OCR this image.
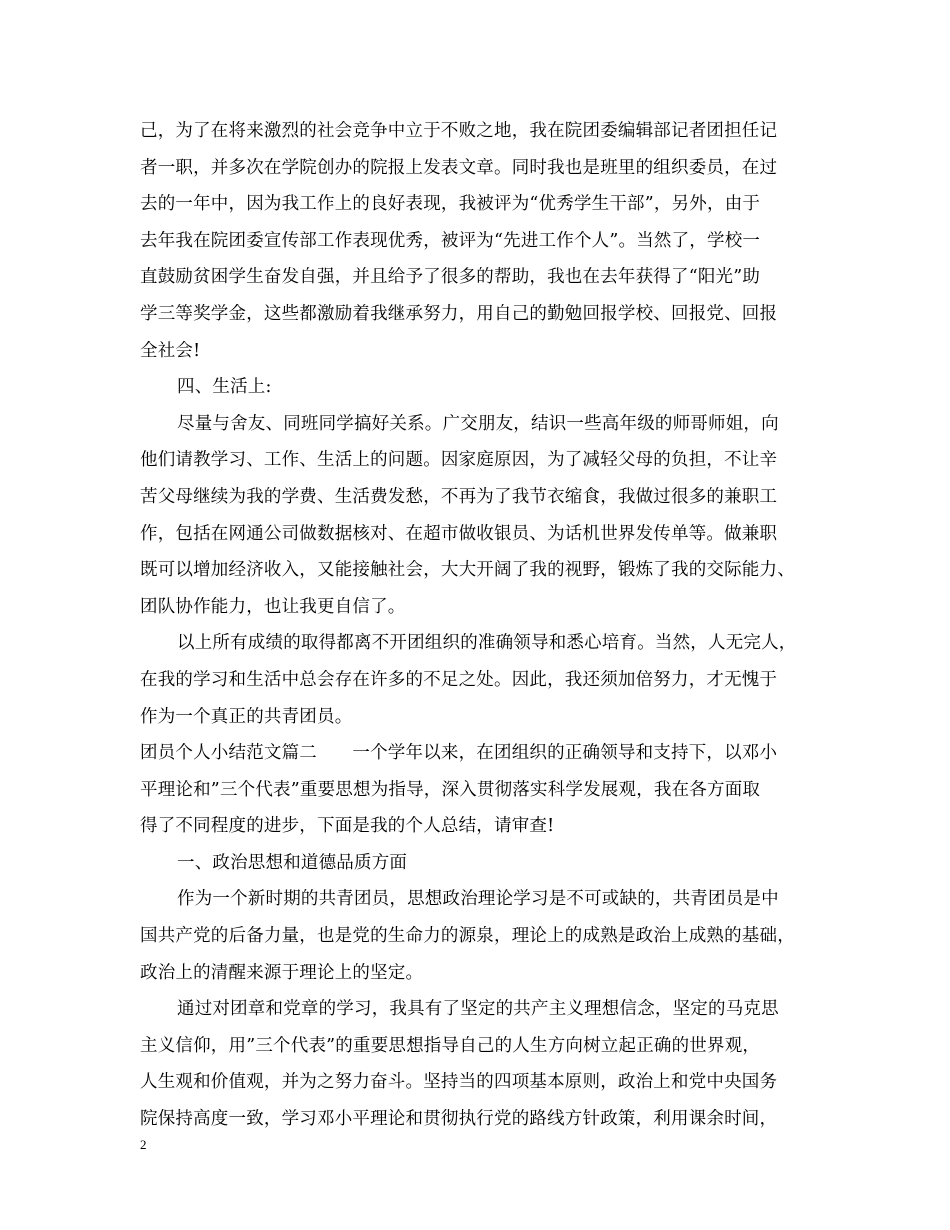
己，为了在将来激烈的社会竞争中立于不败之地，我在院团委编辑部记者团担任记
者一职，并多次在学院创办的院报上发表文章。同时我也是班里的组织委员，在过
去的一年中，因为我工作上的良好表现，我被评为“优秀学生干部”，另外，由于
去年我在院团委宣传部工作表现优秀，被评为“先进工作个人”。当然了，学校一
直鼓励贫困学生奋发自强，并且给予了很多的帮助，我也在去年获得了“阳光”助
学三等奖学金，这些都激励着我继承努力，用自己的勤勉回报学校、回报党、回报
全社会!
四、生活上:
尽量与舍友、同班同学搞好关系。广交朋友，结识一些高年级的师哥师姐，向
他们请教学习、工作、生活上的问题。因家庭原因，为了减轻父母的负担，不让辛
苦父母继续为我的学费、生活费发愁，不再为了我节衣缩食，我做过很多的兼职工
作，包括在网通公司做数据核对、在超市做收银员、为话机世界发传单等。做兼职
既可以增加经济收入，又能接触社会，大大开阔了我的视野，锻炼了我的交际能力、
团队协作能力，也让我更自信了。
以上所有成绩的取得都离不开团组织的准确领导和悉心培育。当然，人无完人，
在我的学习和生活中总会存在许多的不足之处。因此，我还须加倍努力，才无愧于
作为一个真正的共青团员。
团员个人小结范文篇二　　一个学年以来，在团组织的正确领导和支持下，以邓小
平理论和”三个代表”重要思想为指导，深入贯彻落实科学发展观，我在各方面取
得了不同程度的进步，下面是我的个人总结，请审查!
一、政治思想和道德品质方面
作为一个新时期的共青团员，思想政治理论学习是不可或缺的，共青团员是中
国共产党的后备力量，也是党的生命力的源泉，理论上的成熟是政治上成熟的基础，
政治上的清醒来源于理论上的坚定。
通过对团章和党章的学习，我具有了坚定的共产主义理想信念，坚定的马克思
主义信仰，用”三个代表”的重要思想指导自己的人生方向树立起正确的世界观，
人生观和价值观，并为之努力奋斗。坚持当的四项基本原则，政治上和党中央国务
院保持高度一致，学习邓小平理论和贯彻执行党的路线方针政策，利用课余时间，
2
